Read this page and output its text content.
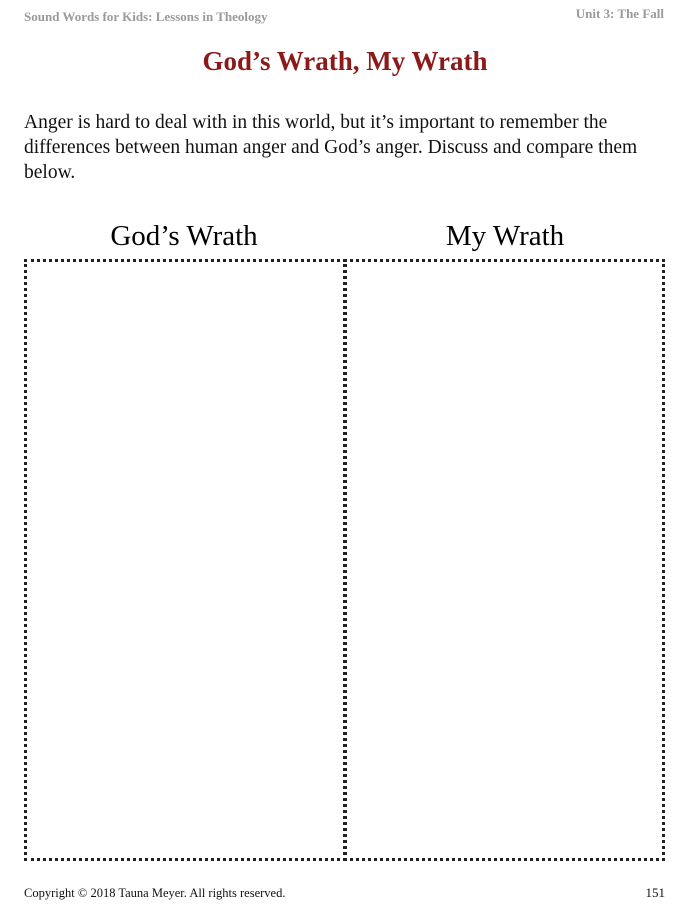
Sound Words for Kids: Lessons in Theology	Unit 3: The Fall
God’s Wrath, My Wrath
Anger is hard to deal with in this world, but it’s important to remember the differences between human anger and God’s anger. Discuss and compare them below.
God’s Wrath	My Wrath
Copyright © 2018 Tauna Meyer. All rights reserved.	151
